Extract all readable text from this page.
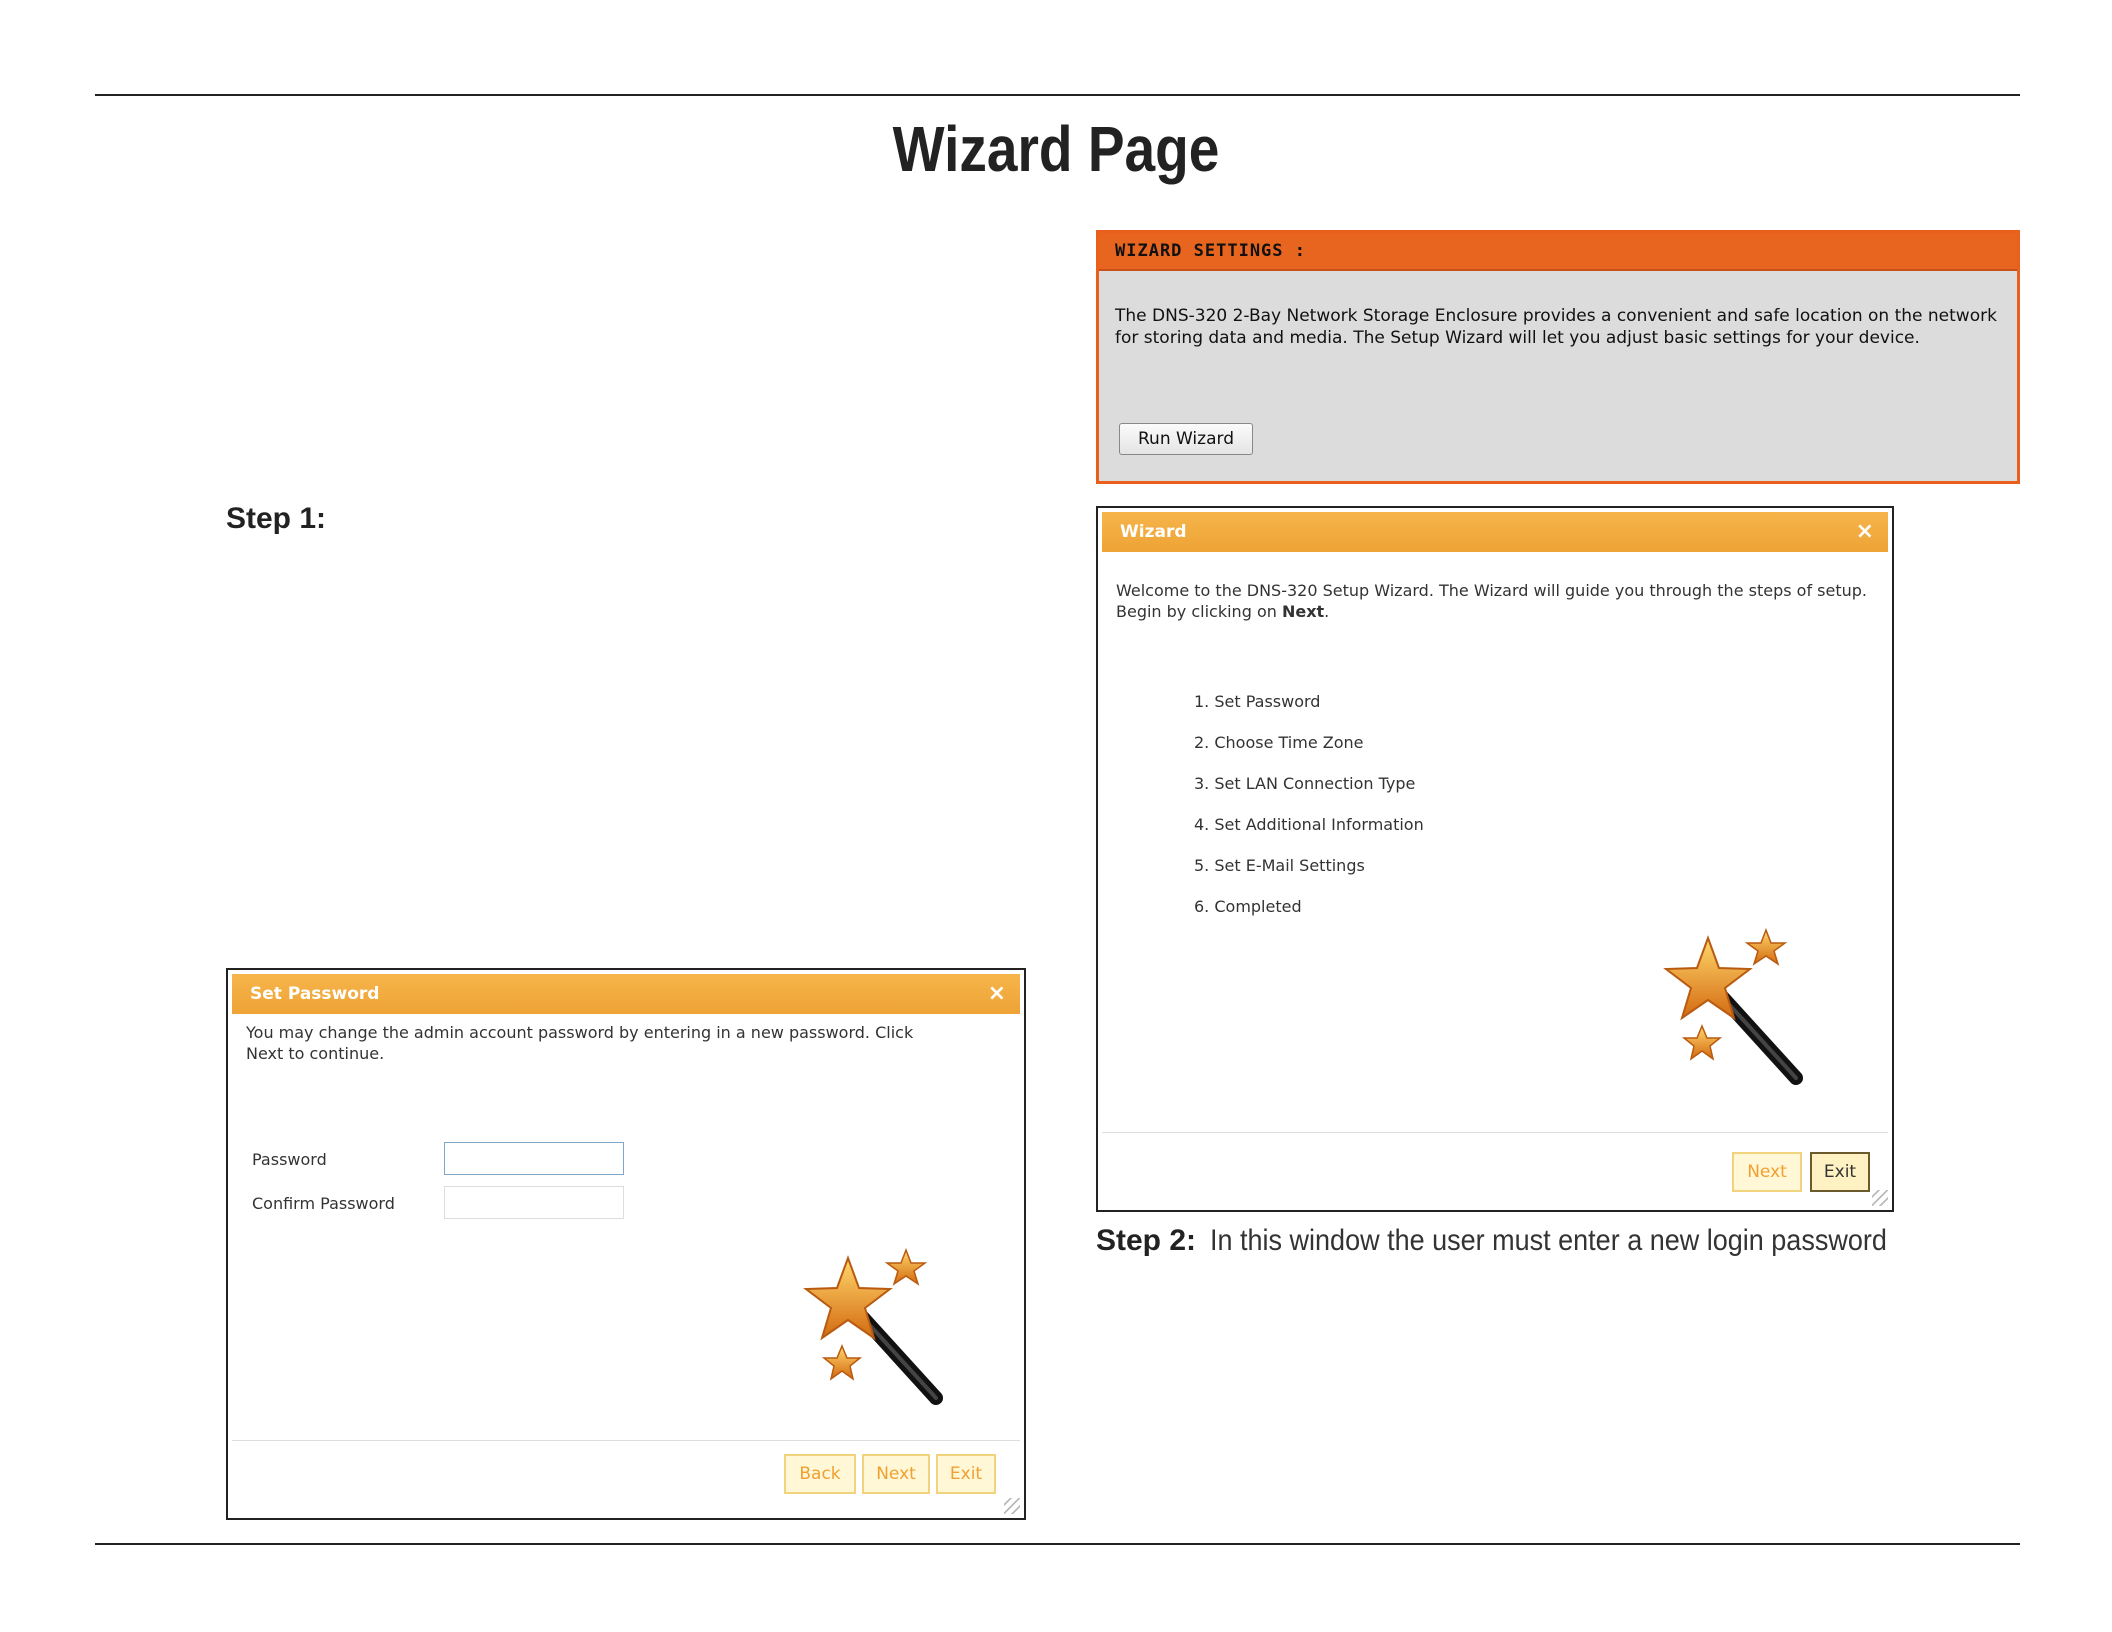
Wizard Page
Step 1:
Step 2: In this window the user must enter a new login password
WIZARD SETTINGS :
The DNS-320 2-Bay Network Storage Enclosure provides a convenient and safe location on the network for storing data and media. The Setup Wizard will let you adjust basic settings for your device.
Run Wizard
Wizard	×
Welcome to the DNS-320 Setup Wizard. The Wizard will guide you through the steps of setup.
Begin by clicking on Next.
1. Set Password
2. Choose Time Zone
3. Set LAN Connection Type
4. Set Additional Information
5. Set E-Mail Settings
6. Completed
Next	Exit
Set Password	×
You may change the admin account password by entering in a new password. Click Next to continue.
Password
Confirm Password
Back	Next	Exit
